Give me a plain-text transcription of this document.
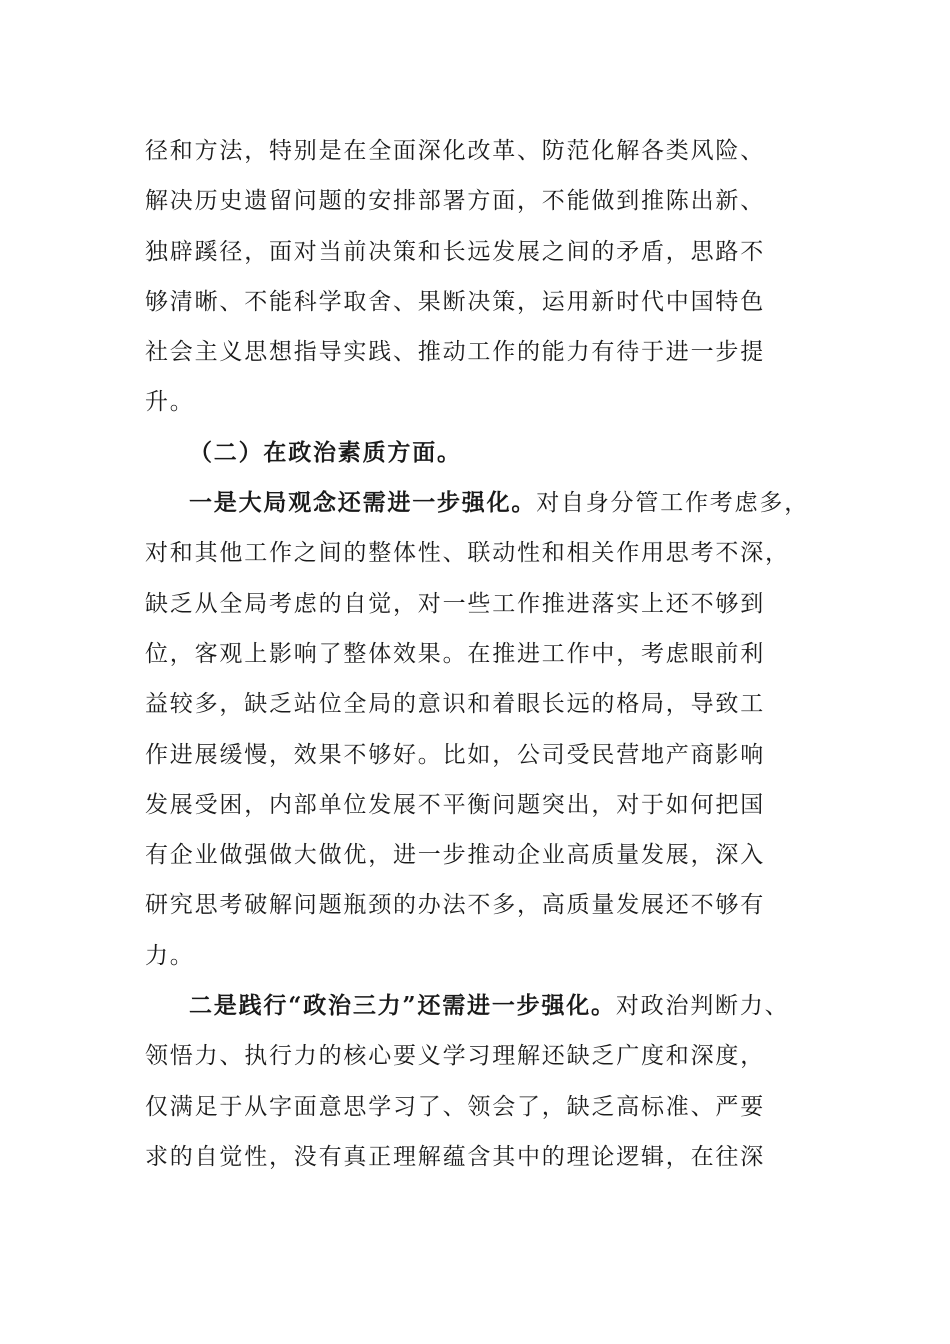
径和方法，特别是在全面深化改革、防范化解各类风险、
解决历史遗留问题的安排部署方面，不能做到推陈出新、
独辟蹊径，面对当前决策和长远发展之间的矛盾，思路不
够清晰、不能科学取舍、果断决策，运用新时代中国特色
社会主义思想指导实践、推动工作的能力有待于进一步提
升。
（二）在政治素质方面。
一是大局观念还需进一步强化。对自身分管工作考虑多，
对和其他工作之间的整体性、联动性和相关作用思考不深，
缺乏从全局考虑的自觉，对一些工作推进落实上还不够到
位，客观上影响了整体效果。在推进工作中，考虑眼前利
益较多，缺乏站位全局的意识和着眼长远的格局，导致工
作进展缓慢，效果不够好。比如，公司受民营地产商影响
发展受困，内部单位发展不平衡问题突出，对于如何把国
有企业做强做大做优，进一步推动企业高质量发展，深入
研究思考破解问题瓶颈的办法不多，高质量发展还不够有
力。
二是践行“政治三力”还需进一步强化。对政治判断力、
领悟力、执行力的核心要义学习理解还缺乏广度和深度，
仅满足于从字面意思学习了、领会了，缺乏高标准、严要
求的自觉性，没有真正理解蕴含其中的理论逻辑，在往深
